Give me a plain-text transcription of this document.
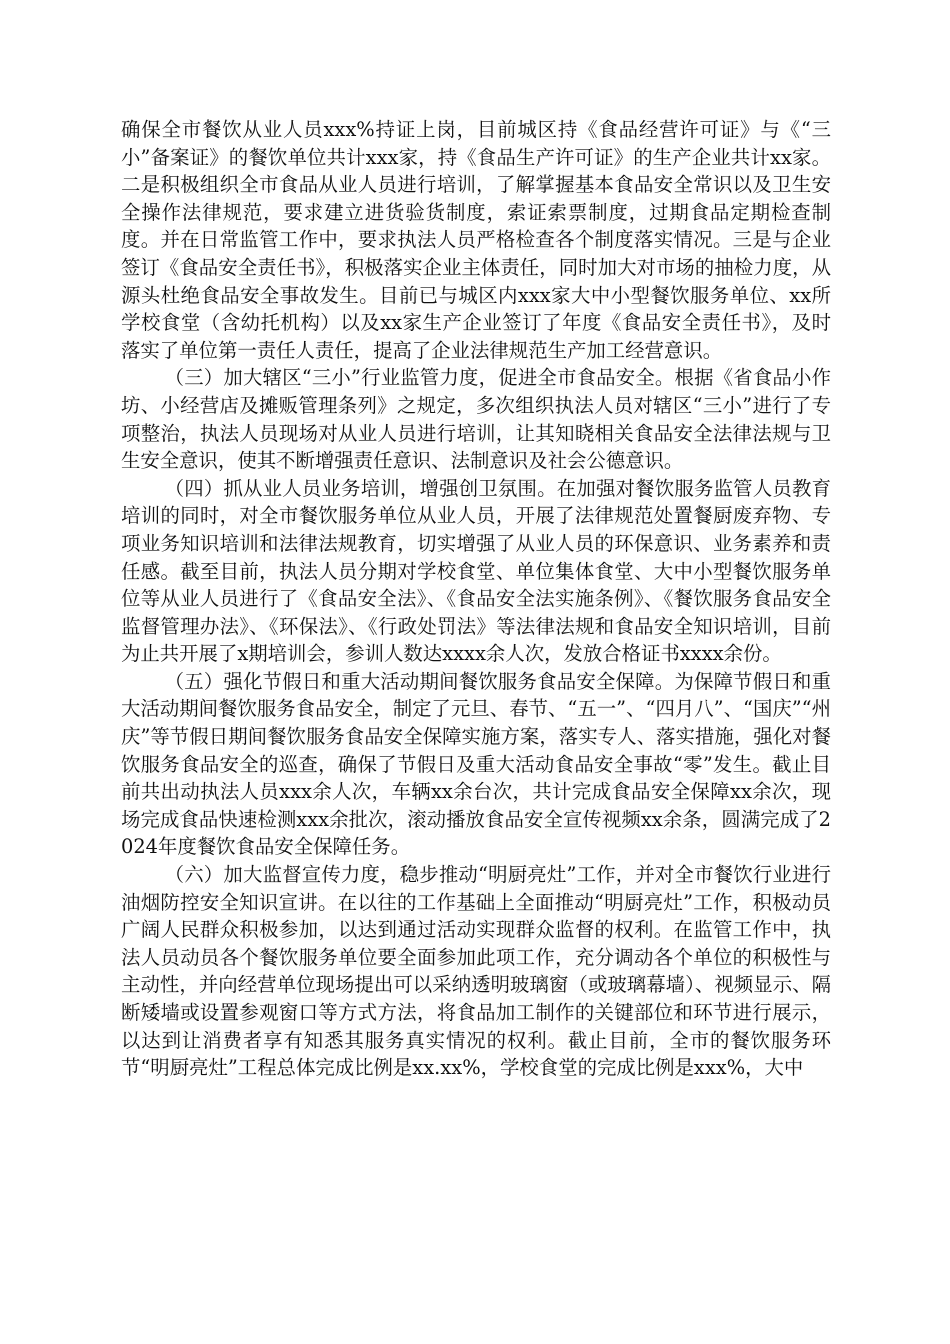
确保全市餐饮从业人员xxx%持证上岗，目前城区持《食品经营许可证》与《“三小”备案证》的餐饮单位共计xxx家，持《食品生产许可证》的生产企业共计xx家。二是积极组织全市食品从业人员进行培训，了解掌握基本食品安全常识以及卫生安全操作法律规范，要求建立进货验货制度，索证索票制度，过期食品定期检查制度。并在日常监管工作中，要求执法人员严格检查各个制度落实情况。三是与企业签订《食品安全责任书》，积极落实企业主体责任，同时加大对市场的抽检力度，从源头杜绝食品安全事故发生。目前已与城区内xxx家大中小型餐饮服务单位、xx所学校食堂（含幼托机构）以及xx家生产企业签订了年度《食品安全责任书》，及时落实了单位第一责任人责任，提高了企业法律规范生产加工经营意识。

（三）加大辖区“三小”行业监管力度，促进全市食品安全。根据《省食品小作坊、小经营店及摊贩管理条列》之规定，多次组织执法人员对辖区“三小”进行了专项整治，执法人员现场对从业人员进行培训，让其知晓相关食品安全法律法规与卫生安全意识，使其不断增强责任意识、法制意识及社会公德意识。

（四）抓从业人员业务培训，增强创卫氛围。在加强对餐饮服务监管人员教育培训的同时，对全市餐饮服务单位从业人员，开展了法律规范处置餐厨废弃物、专项业务知识培训和法律法规教育，切实增强了从业人员的环保意识、业务素养和责任感。截至目前，执法人员分期对学校食堂、单位集体食堂、大中小型餐饮服务单位等从业人员进行了《食品安全法》、《食品安全法实施条例》、《餐饮服务食品安全监督管理办法》、《环保法》、《行政处罚法》等法律法规和食品安全知识培训，目前为止共开展了x期培训会，参训人数达xxxx余人次，发放合格证书xxxx余份。

（五）强化节假日和重大活动期间餐饮服务食品安全保障。为保障节假日和重大活动期间餐饮服务食品安全，制定了元旦、春节、“五一”、“四月八”、“国庆”“州庆”等节假日期间餐饮服务食品安全保障实施方案，落实专人、落实措施，强化对餐饮服务食品安全的巡查，确保了节假日及重大活动食品安全事故“零”发生。截止目前共出动执法人员xxx余人次，车辆xx余台次，共计完成食品安全保障xx余次，现场完成食品快速检测xxx余批次，滚动播放食品安全宣传视频xx余条，圆满完成了2024年度餐饮食品安全保障任务。

（六）加大监督宣传力度，稳步推动“明厨亮灶”工作，并对全市餐饮行业进行油烟防控安全知识宣讲。在以往的工作基础上全面推动“明厨亮灶”工作，积极动员广阔人民群众积极参加，以达到通过活动实现群众监督的权利。在监管工作中，执法人员动员各个餐饮服务单位要全面参加此项工作，充分调动各个单位的积极性与主动性，并向经营单位现场提出可以采纳透明玻璃窗（或玻璃幕墙）、视频显示、隔断矮墙或设置参观窗口等方式方法，将食品加工制作的关键部位和环节进行展示，以达到让消费者享有知悉其服务真实情况的权利。截止目前，全市的餐饮服务环节“明厨亮灶”工程总体完成比例是xx.xx%，学校食堂的完成比例是xxx%，大中
